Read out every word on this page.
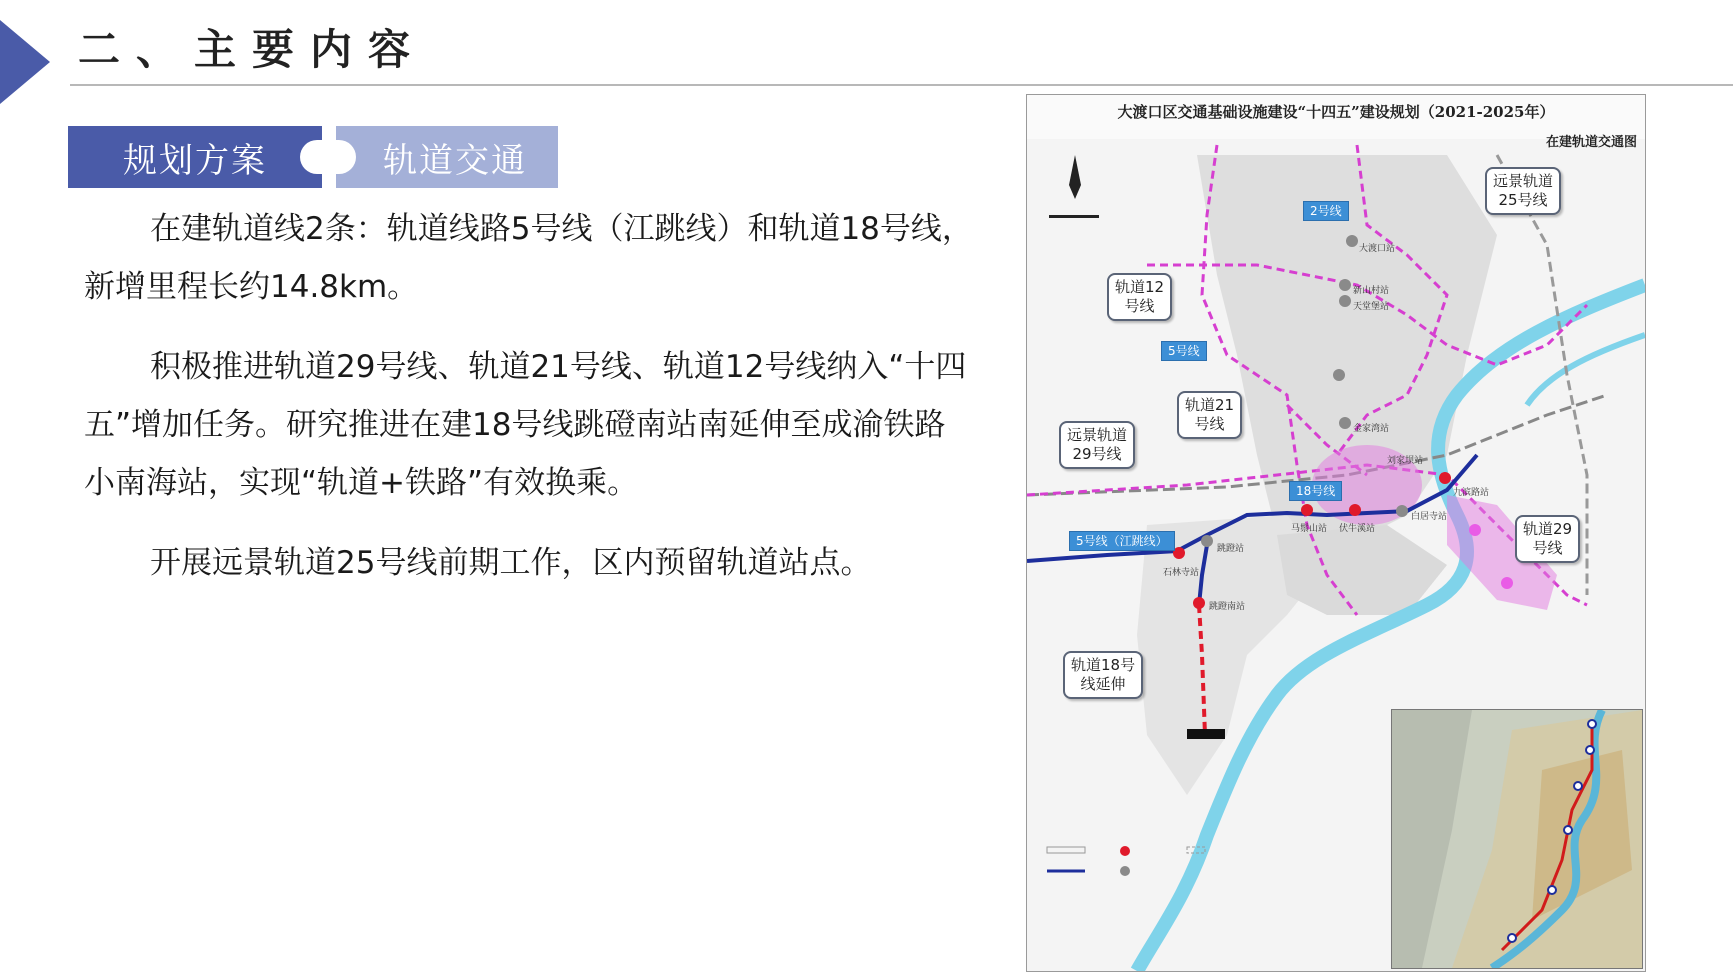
二、主要内容
规划方案	轨道交通

在建轨道线2条：轨道线路5号线（江跳线）和轨道18号线，新增里程长约14.8km。

积极推进轨道29号线、轨道21号线、轨道12号线纳入“十四五”增加任务。研究推进在建18号线跳磴南站南延伸至成渝铁路小南海站，实现“轨道+铁路”有效换乘。

开展远景轨道25号线前期工作，区内预留轨道站点。

大渡口区交通基础设施建设“十四五”建设规划（2021-2025年）
在建轨道交通图
远景轨道
25号线
轨道12
号线
轨道21
号线
远景轨道
29号线
轨道29
号线
轨道18号
线延伸
2号线
5号线
18号线
5号线（江跳线）
大渡口站
新山村站
天堂堡站
金家湾站
刘家坝站
白居寺站
九滨路站
伏牛溪站
马鬃山站
跳蹬站
石林寺站
跳蹬南站
